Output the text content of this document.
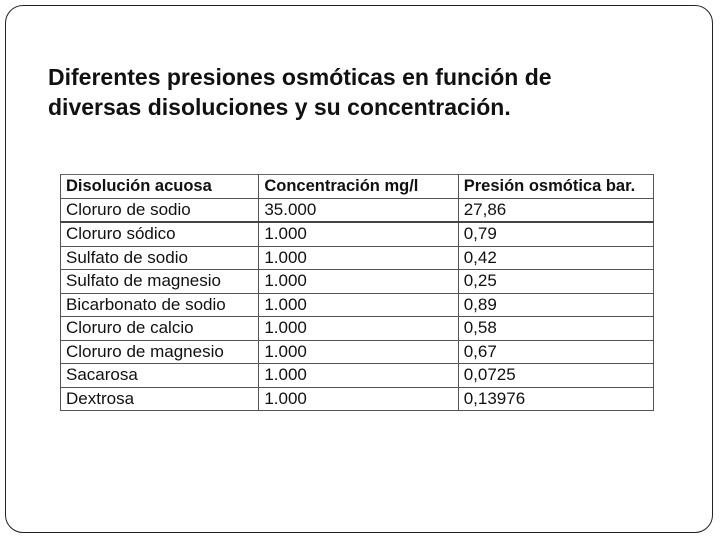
Diferentes presiones osmóticas en función de
diversas disoluciones y su concentración.
Disolución acuosa	Concentración mg/l	Presión osmótica bar.
Cloruro de sodio	35.000	27,86
Cloruro sódico	1.000	0,79
Sulfato de sodio	1.000	0,42
Sulfato de magnesio	1.000	0,25
Bicarbonato de sodio	1.000	0,89
Cloruro de calcio	1.000	0,58
Cloruro de magnesio	1.000	0,67
Sacarosa	1.000	0,0725
Dextrosa	1.000	0,13976
